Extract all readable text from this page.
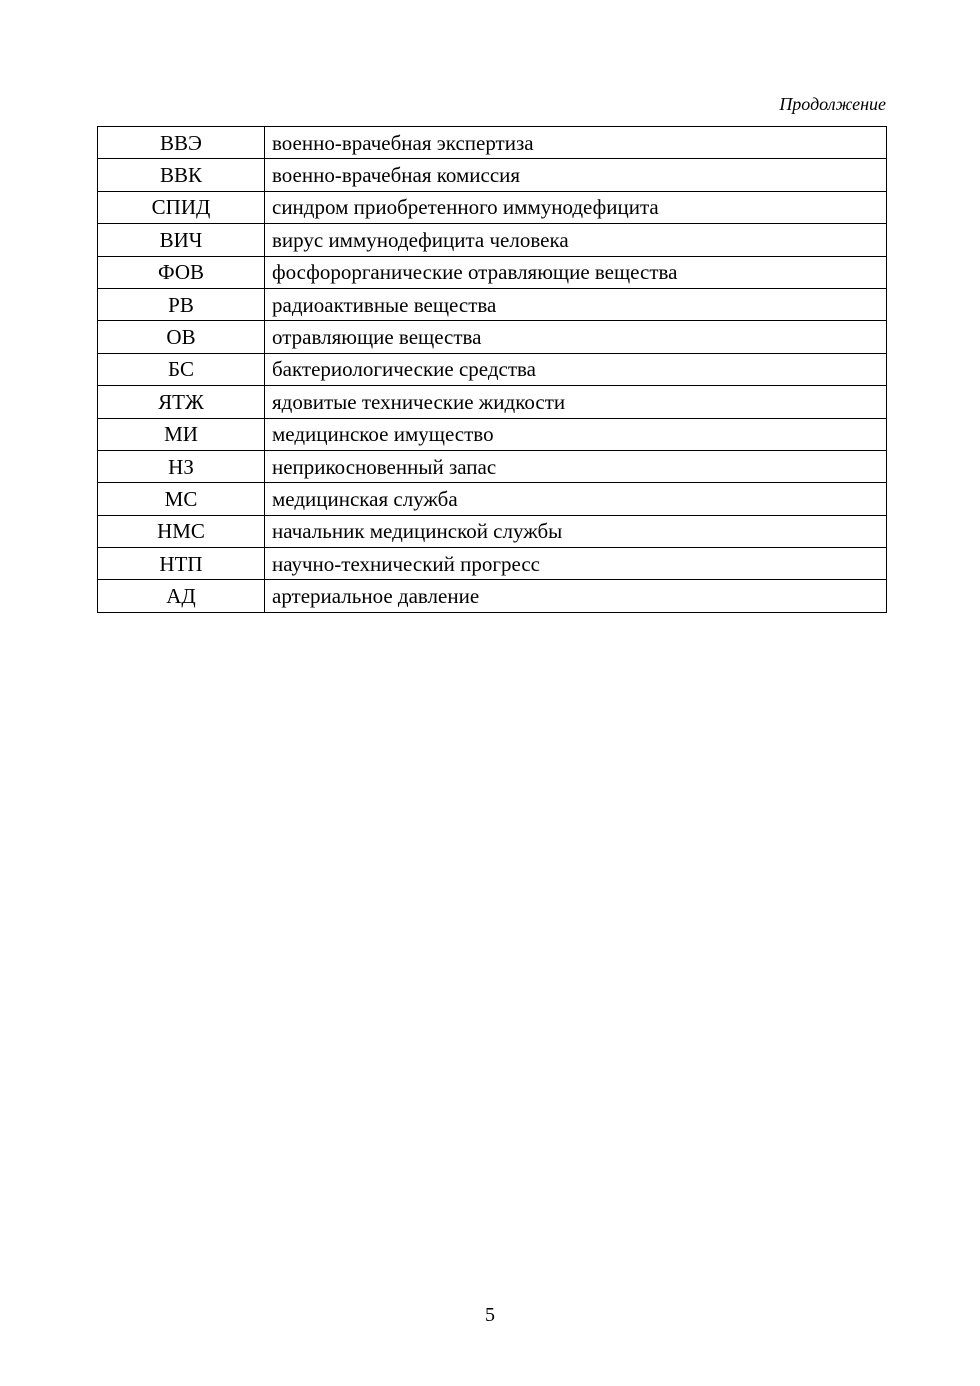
Продолжение
ВВЭ	военно-врачебная экспертиза
ВВК	военно-врачебная комиссия
СПИД	синдром приобретенного иммунодефицита
ВИЧ	вирус иммунодефицита человека
ФОВ	фосфорорганические отравляющие вещества
РВ	радиоактивные вещества
ОВ	отравляющие вещества
БС	бактериологические средства
ЯТЖ	ядовитые технические жидкости
МИ	медицинское имущество
НЗ	неприкосновенный запас
МС	медицинская служба
НМС	начальник медицинской службы
НТП	научно-технический прогресс
АД	артериальное давление
5
